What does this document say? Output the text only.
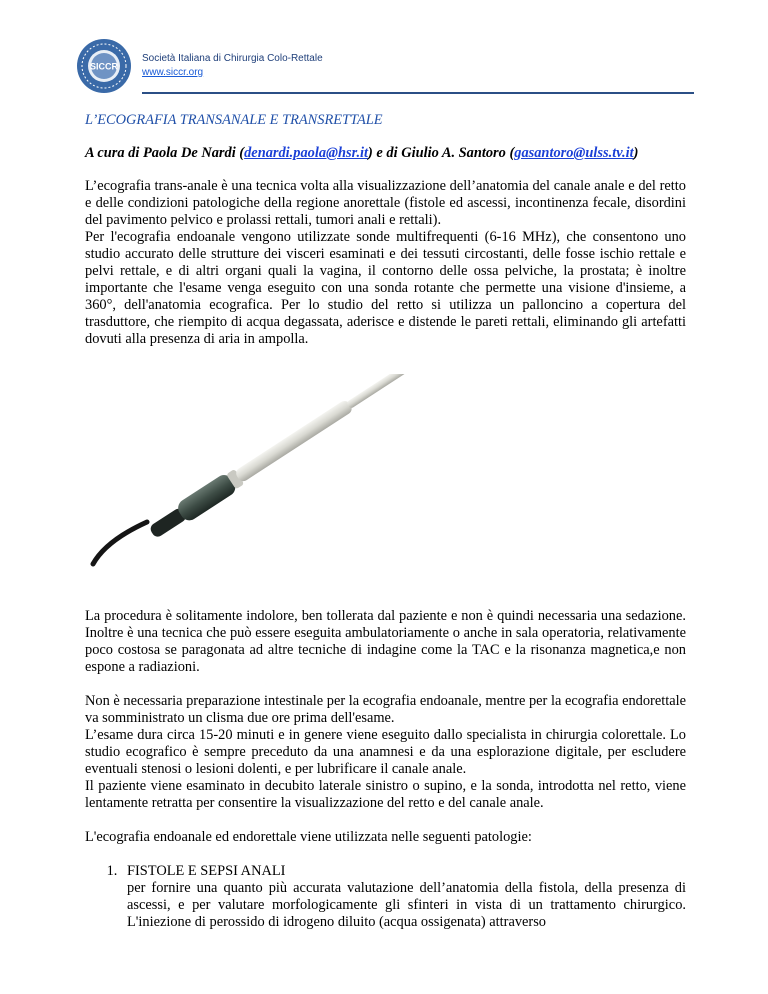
SICCR
Società Italiana di Chirurgia Colo-Rettale
www.siccr.org
L’ECOGRAFIA TRANSANALE E TRANSRETTALE

A cura di Paola De Nardi (denardi.paola@hsr.it) e di Giulio A. Santoro (gasantoro@ulss.tv.it)

L’ecografia trans-anale è una tecnica volta alla visualizzazione dell’anatomia del canale anale e del retto e delle condizioni patologiche della regione anorettale (fistole ed ascessi, incontinenza fecale, disordini del pavimento pelvico e prolassi rettali, tumori anali e rettali).

Per l'ecografia endoanale vengono utilizzate sonde multifrequenti (6-16 MHz), che consentono uno studio accurato delle strutture dei visceri esaminati e dei tessuti circostanti, delle fosse ischio rettale e pelvi rettale, e di altri organi quali la vagina, il contorno delle ossa pelviche, la prostata; è inoltre importante che l'esame venga eseguito con una sonda rotante che permette una visione d'insieme, a 360°, dell'anatomia ecografica. Per lo studio del retto si utilizza un palloncino a copertura del trasduttore, che riempito di acqua degassata, aderisce e distende le pareti rettali, eliminando gli artefatti dovuti alla presenza di aria in ampolla.

La procedura è solitamente indolore, ben tollerata dal paziente e non è quindi necessaria una sedazione. Inoltre è una tecnica che può essere eseguita ambulatoriamente o anche in sala operatoria, relativamente poco costosa se paragonata ad altre tecniche di indagine come la TAC e la risonanza magnetica,e non espone a radiazioni.

Non è necessaria preparazione intestinale per la ecografia endoanale, mentre per la ecografia endorettale va somministrato un clisma due ore prima dell'esame.

L’esame dura circa 15-20 minuti e in genere viene eseguito dallo specialista in chirurgia colorettale. Lo studio ecografico è sempre preceduto da una anamnesi e da una esplorazione digitale, per escludere eventuali stenosi o lesioni dolenti, e per lubrificare il canale anale.

Il paziente viene esaminato in decubito laterale sinistro o supino, e la sonda, introdotta nel retto, viene lentamente retratta per consentire la visualizzazione del retto e del canale anale.

L'ecografia endoanale ed endorettale viene utilizzata nelle seguenti patologie:

1. FISTOLE E SEPSI ANALI

per fornire una quanto più accurata valutazione dell’anatomia della fistola, della presenza di ascessi, e per valutare morfologicamente gli sfinteri in vista di un trattamento chirurgico. L'iniezione di perossido di idrogeno diluito (acqua ossigenata) attraverso
